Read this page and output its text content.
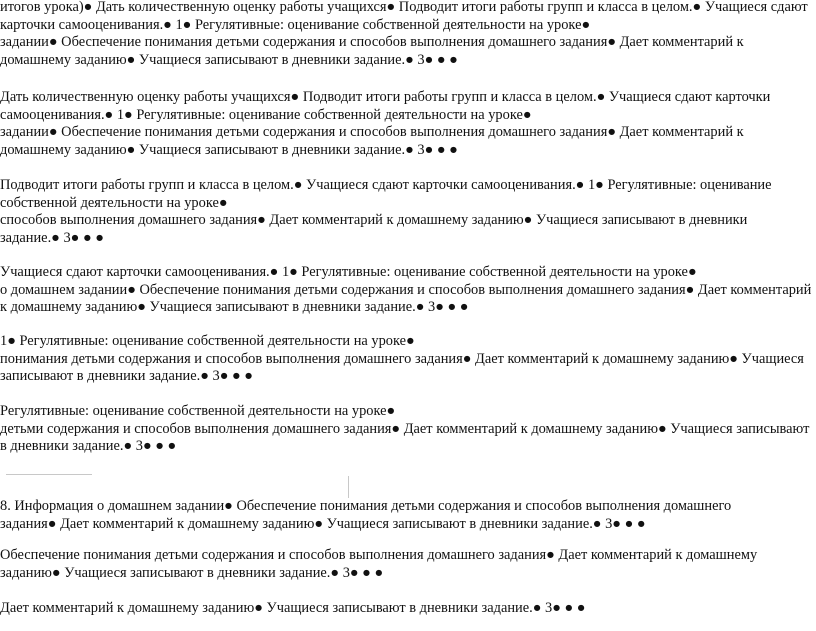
итогов урока)● Дать количественную оценку работы учащихся● Подводит итоги работы групп и класса в целом.● Учащиеся сдают
карточки самооценивания.● 1● Регулятивные: оценивание собственной деятельности на уроке●
задании● Обеспечение понимания детьми содержания и способов выполнения домашнего задания● Дает комментарий к
домашнему заданию● Учащиеся записывают в дневники задание.● 3● ● ●
Дать количественную оценку работы учащихся● Подводит итоги работы групп и класса в целом.● Учащиеся сдают карточки
самооценивания.● 1● Регулятивные: оценивание собственной деятельности на уроке●
задании● Обеспечение понимания детьми содержания и способов выполнения домашнего задания● Дает комментарий к
домашнему заданию● Учащиеся записывают в дневники задание.● 3● ● ●
Подводит итоги работы групп и класса в целом.● Учащиеся сдают карточки самооценивания.● 1● Регулятивные: оценивание
собственной деятельности на уроке●
способов выполнения домашнего задания● Дает комментарий к домашнему заданию● Учащиеся записывают в дневники
задание.● 3● ● ●
Учащиеся сдают карточки самооценивания.● 1● Регулятивные: оценивание собственной деятельности на уроке●
о домашнем задании● Обеспечение понимания детьми содержания и способов выполнения домашнего задания● Дает комментарий
к домашнему заданию● Учащиеся записывают в дневники задание.● 3● ● ●
1● Регулятивные: оценивание собственной деятельности на уроке●
понимания детьми содержания и способов выполнения домашнего задания● Дает комментарий к домашнему заданию● Учащиеся
записывают в дневники задание.● 3● ● ●
Регулятивные: оценивание собственной деятельности на уроке●
детьми содержания и способов выполнения домашнего задания● Дает комментарий к домашнему заданию● Учащиеся записывают
в дневники задание.● 3● ● ●
8. Информация о домашнем задании● Обеспечение понимания детьми содержания и способов выполнения домашнего
задания● Дает комментарий к домашнему заданию● Учащиеся записывают в дневники задание.● 3● ● ●
Обеспечение понимания детьми содержания и способов выполнения домашнего задания● Дает комментарий к домашнему
заданию● Учащиеся записывают в дневники задание.● 3● ● ●
Дает комментарий к домашнему заданию● Учащиеся записывают в дневники задание.● 3● ● ●
